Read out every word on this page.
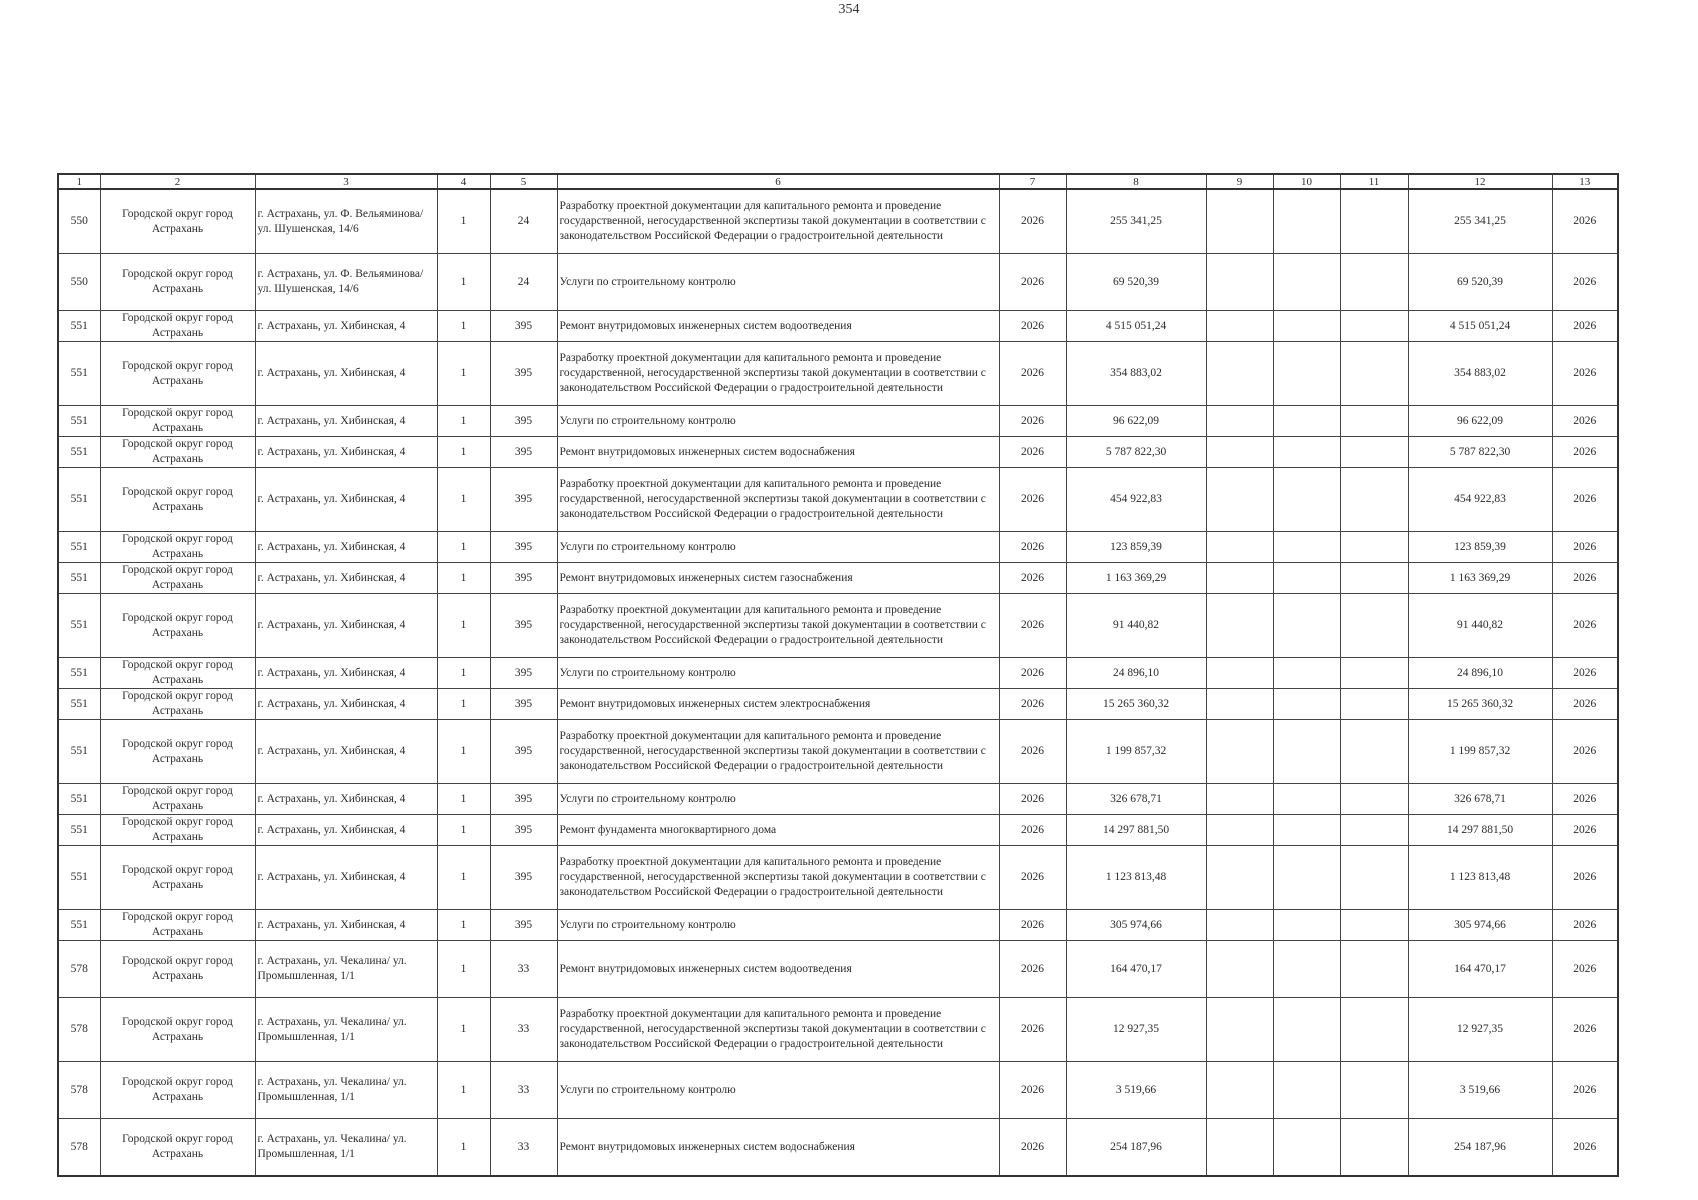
354
1	2	3	4	5	6	7	8	9	10	11	12	13
550	Городской округ город Астрахань	г. Астрахань, ул. Ф. Вельяминова/ ул. Шушенская, 14/6	1	24	Разработку проектной документации для капитального ремонта и проведение государственной, негосударственной экспертизы такой документации в соответствии с законодательством Российской Федерации о градостроительной деятельности	2026	255 341,25				255 341,25	2026
550	Городской округ город Астрахань	г. Астрахань, ул. Ф. Вельяминова/ ул. Шушенская, 14/6	1	24	Услуги по строительному контролю	2026	69 520,39				69 520,39	2026
551	Городской округ город Астрахань	г. Астрахань, ул. Хибинская, 4	1	395	Ремонт внутридомовых инженерных систем водоотведения	2026	4 515 051,24				4 515 051,24	2026
551	Городской округ город Астрахань	г. Астрахань, ул. Хибинская, 4	1	395	Разработку проектной документации для капитального ремонта и проведение государственной, негосударственной экспертизы такой документации в соответствии с законодательством Российской Федерации о градостроительной деятельности	2026	354 883,02				354 883,02	2026
551	Городской округ город Астрахань	г. Астрахань, ул. Хибинская, 4	1	395	Услуги по строительному контролю	2026	96 622,09				96 622,09	2026
551	Городской округ город Астрахань	г. Астрахань, ул. Хибинская, 4	1	395	Ремонт внутридомовых инженерных систем водоснабжения	2026	5 787 822,30				5 787 822,30	2026
551	Городской округ город Астрахань	г. Астрахань, ул. Хибинская, 4	1	395	Разработку проектной документации для капитального ремонта и проведение государственной, негосударственной экспертизы такой документации в соответствии с законодательством Российской Федерации о градостроительной деятельности	2026	454 922,83				454 922,83	2026
551	Городской округ город Астрахань	г. Астрахань, ул. Хибинская, 4	1	395	Услуги по строительному контролю	2026	123 859,39				123 859,39	2026
551	Городской округ город Астрахань	г. Астрахань, ул. Хибинская, 4	1	395	Ремонт внутридомовых инженерных систем газоснабжения	2026	1 163 369,29				1 163 369,29	2026
551	Городской округ город Астрахань	г. Астрахань, ул. Хибинская, 4	1	395	Разработку проектной документации для капитального ремонта и проведение государственной, негосударственной экспертизы такой документации в соответствии с законодательством Российской Федерации о градостроительной деятельности	2026	91 440,82				91 440,82	2026
551	Городской округ город Астрахань	г. Астрахань, ул. Хибинская, 4	1	395	Услуги по строительному контролю	2026	24 896,10				24 896,10	2026
551	Городской округ город Астрахань	г. Астрахань, ул. Хибинская, 4	1	395	Ремонт внутридомовых инженерных систем электроснабжения	2026	15 265 360,32				15 265 360,32	2026
551	Городской округ город Астрахань	г. Астрахань, ул. Хибинская, 4	1	395	Разработку проектной документации для капитального ремонта и проведение государственной, негосударственной экспертизы такой документации в соответствии с законодательством Российской Федерации о градостроительной деятельности	2026	1 199 857,32				1 199 857,32	2026
551	Городской округ город Астрахань	г. Астрахань, ул. Хибинская, 4	1	395	Услуги по строительному контролю	2026	326 678,71				326 678,71	2026
551	Городской округ город Астрахань	г. Астрахань, ул. Хибинская, 4	1	395	Ремонт фундамента многоквартирного дома	2026	14 297 881,50				14 297 881,50	2026
551	Городской округ город Астрахань	г. Астрахань, ул. Хибинская, 4	1	395	Разработку проектной документации для капитального ремонта и проведение государственной, негосударственной экспертизы такой документации в соответствии с законодательством Российской Федерации о градостроительной деятельности	2026	1 123 813,48				1 123 813,48	2026
551	Городской округ город Астрахань	г. Астрахань, ул. Хибинская, 4	1	395	Услуги по строительному контролю	2026	305 974,66				305 974,66	2026
578	Городской округ город Астрахань	г. Астрахань, ул. Чекалина/ ул. Промышленная, 1/1	1	33	Ремонт внутридомовых инженерных систем водоотведения	2026	164 470,17				164 470,17	2026
578	Городской округ город Астрахань	г. Астрахань, ул. Чекалина/ ул. Промышленная, 1/1	1	33	Разработку проектной документации для капитального ремонта и проведение государственной, негосударственной экспертизы такой документации в соответствии с законодательством Российской Федерации о градостроительной деятельности	2026	12 927,35				12 927,35	2026
578	Городской округ город Астрахань	г. Астрахань, ул. Чекалина/ ул. Промышленная, 1/1	1	33	Услуги по строительному контролю	2026	3 519,66				3 519,66	2026
578	Городской округ город Астрахань	г. Астрахань, ул. Чекалина/ ул. Промышленная, 1/1	1	33	Ремонт внутридомовых инженерных систем водоснабжения	2026	254 187,96				254 187,96	2026
